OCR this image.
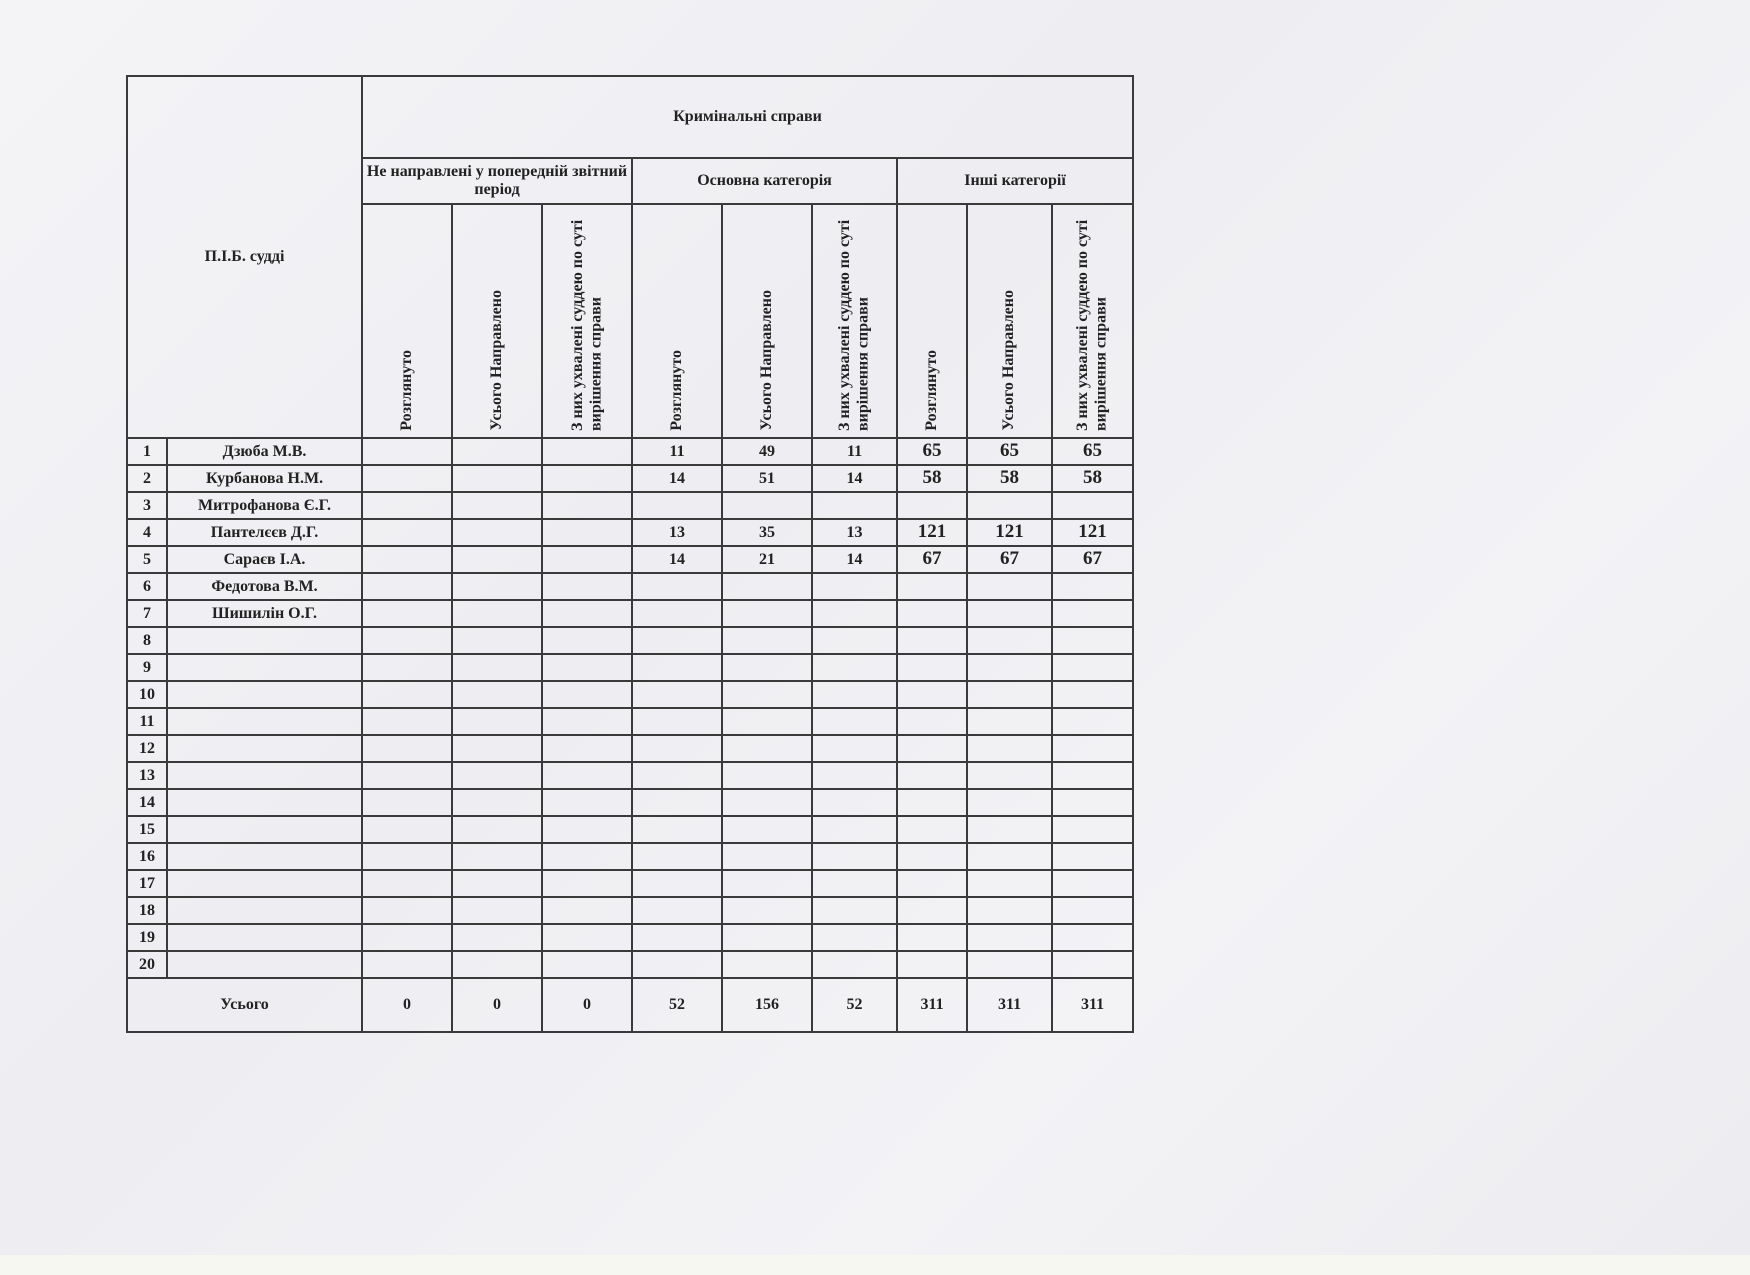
П.І.Б. судді		Кримінальні справи								
		Не направлені у попередній звітний період			Основна категорія			Інші категорії		

		Розглянуто	Усього Направлено	З них ухвалені суддею по суті вирішення справи	Розглянуто	Усього Направлено	З них ухвалені суддею по суті вирішення справи	Розглянуто	Усього Направлено	З них ухвалені суддею по суті вирішення справи

1	Дзюба М.В.				11	49	11	65	65	65
2	Курбанова Н.М.				14	51	14	58	58	58
3	Митрофанова Є.Г.									
4	Пантелєєв Д.Г.				13	35	13	121	121	121
5	Сараєв І.А.				14	21	14	67	67	67
6	Федотова В.М.									
7	Шишилін О.Г.									
8										
9										
10										
11										
12										
13										
14										
15										
16										
17										
18										
19										
20										
Усього		0	0	0	52	156	52	311	311	311
